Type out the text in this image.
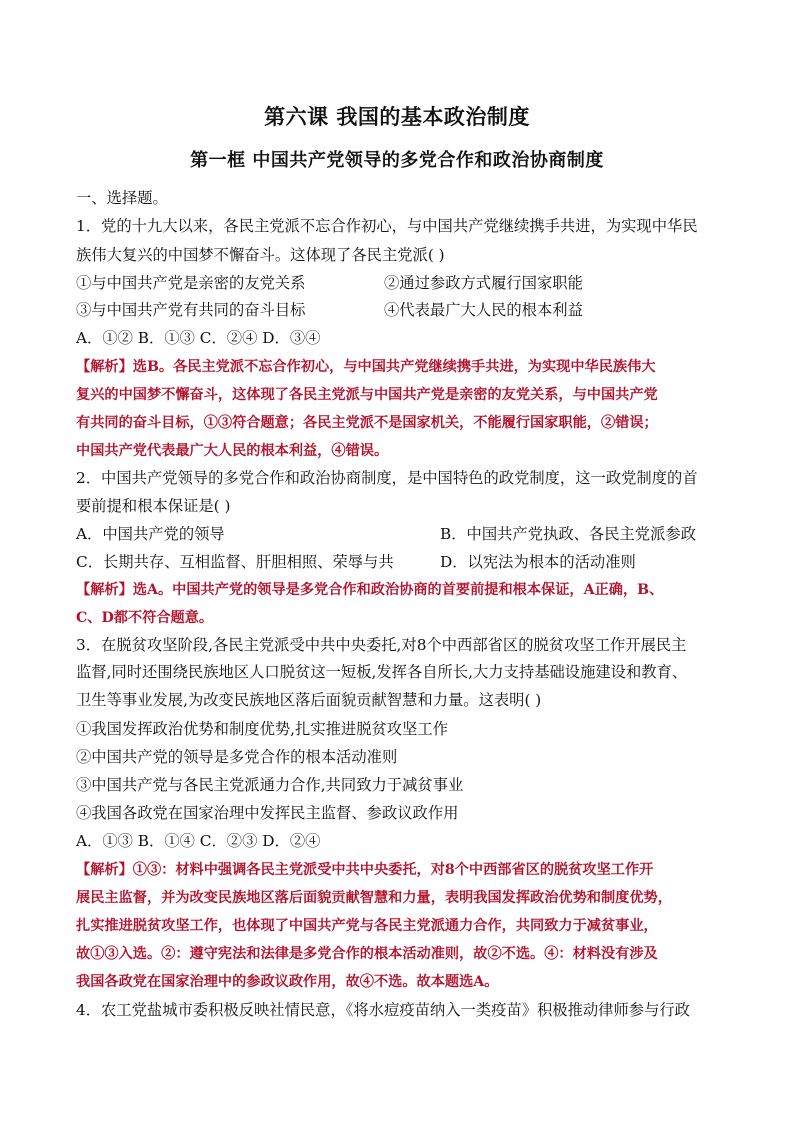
第六课 我国的基本政治制度
第一框 中国共产党领导的多党合作和政治协商制度
一、选择题。
1．党的十九大以来，各民主党派不忘合作初心，与中国共产党继续携手共进，为实现中华民
族伟大复兴的中国梦不懈奋斗。这体现了各民主党派( )
①与中国共产党是亲密的友党关系	②通过参政方式履行国家职能
③与中国共产党有共同的奋斗目标	④代表最广大人民的根本利益
A．①② B．①③ C．②④ D．③④
【解析】选B。各民主党派不忘合作初心，与中国共产党继续携手共进，为实现中华民族伟大
复兴的中国梦不懈奋斗，这体现了各民主党派与中国共产党是亲密的友党关系，与中国共产党
有共同的奋斗目标，①③符合题意；各民主党派不是国家机关，不能履行国家职能，②错误；
中国共产党代表最广大人民的根本利益，④错误。
2．中国共产党领导的多党合作和政治协商制度，是中国特色的政党制度，这一政党制度的首
要前提和根本保证是( )
A．中国共产党的领导	B．中国共产党执政、各民主党派参政
C．长期共存、互相监督、肝胆相照、荣辱与共	D．以宪法为根本的活动准则
【解析】选A。中国共产党的领导是多党合作和政治协商的首要前提和根本保证，A正确，B、
C、D都不符合题意。
3．在脱贫攻坚阶段,各民主党派受中共中央委托,对8个中西部省区的脱贫攻坚工作开展民主
监督,同时还围绕民族地区人口脱贫这一短板,发挥各自所长,大力支持基础设施建设和教育、
卫生等事业发展,为改变民族地区落后面貌贡献智慧和力量。这表明( )
①我国发挥政治优势和制度优势,扎实推进脱贫攻坚工作
②中国共产党的领导是多党合作的根本活动准则
③中国共产党与各民主党派通力合作,共同致力于减贫事业
④我国各政党在国家治理中发挥民主监督、参政议政作用
A．①③ B．①④ C．②③ D．②④
【解析】①③：材料中强调各民主党派受中共中央委托，对8个中西部省区的脱贫攻坚工作开
展民主监督，并为改变民族地区落后面貌贡献智慧和力量，表明我国发挥政治优势和制度优势，
扎实推进脱贫攻坚工作，也体现了中国共产党与各民主党派通力合作，共同致力于减贫事业，
故①③入选。②：遵守宪法和法律是多党合作的根本活动准则，故②不选。④：材料没有涉及
我国各政党在国家治理中的参政议政作用，故④不选。故本题选A。
4．农工党盐城市委积极反映社情民意，《将水痘疫苗纳入一类疫苗》积极推动律师参与行政
